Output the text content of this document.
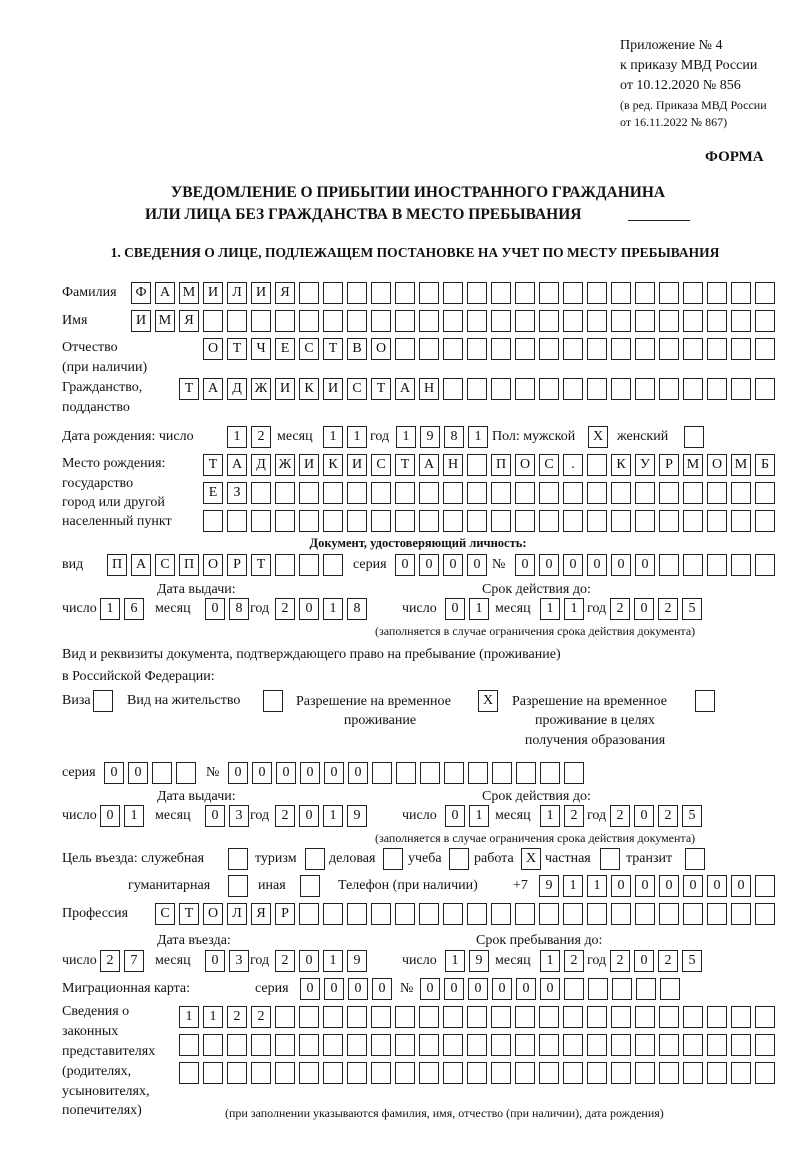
Приложение № 4
к приказу МВД России
от 10.12.2020 № 856
(в ред. Приказа МВД России
от 16.11.2022 № 867)
ФОРМА
УВЕДОМЛЕНИЕ О ПРИБЫТИИ ИНОСТРАННОГО ГРАЖДАНИНА
ИЛИ ЛИЦА БЕЗ ГРАЖДАНСТВА В МЕСТО ПРЕБЫВАНИЯ
1. СВЕДЕНИЯ О ЛИЦЕ, ПОДЛЕЖАЩЕМ ПОСТАНОВКЕ НА УЧЕТ ПО МЕСТУ ПРЕБЫВАНИЯ
Фамилия	Ф А М И	Л	И	Я
Имя	И М Я
Отчество
(при наличии)
О	Т	Ч	Е	С	Т	В	О
Гражданство,
подданство
Т	А	Д Ж И	К	И	С	Т	А Н
Дата рождения: число	1	2 месяц	1	1 год 1	9	8	1 Пол: мужской	X женский
Место рождения:
государство
город или другой
населенный пункт
Т	А	Д Ж И	К	И	С	Т	А Н	П О	С	.	К	У	Р М О М Б
Е	З
Документ, удостоверяющий личность:
вид	П А	С	П О	Р	Т	серия	0	0	0	0 №	0	0	0	0	0	0
Дата выдачи:	Срок действия до:
число 1	6	месяц	0	8 год 2	0	1	8	число	0	1 месяц	1	1 год 2	0	2	5
(заполняется в случае ограничения срока действия документа)
Вид и реквизиты документа, подтверждающего право на пребывание (проживание)
в Российской Федерации:
Виза	Вид на жительство	Разрешение на временное
проживание
X	Разрешение на временное
проживание в целях
получения образования
серия	0	0	№	0	0	0	0	0	0
Дата выдачи:	Срок действия до:
число 0	1	месяц	0	3 год 2	0	1	9	число	0	1 месяц	1	2 год 2	0	2	5
(заполняется в случае ограничения срока действия документа)
Цель въезда: служебная	туризм деловая учеба работа X частная	транзит
гуманитарная	иная	Телефон (при наличии)	+7	9	1	1	0	0	0	0	0	0
Профессия	С	Т	О	Л	Я	Р
Дата въезда:	Срок пребывания до:
число 2	7	месяц	0	3 год 2	0	1	9	число	1	9 месяц	1	2 год 2	0	2	5
Миграционная карта:	серия	0	0	0	0	№ 0	0	0	0	0	0
Сведения о
законных
представителях
(родителях,
усыновителях,
попечителях)
1	1	2	2
(при заполнении указываются фамилия, имя, отчество (при наличии), дата рождения)
